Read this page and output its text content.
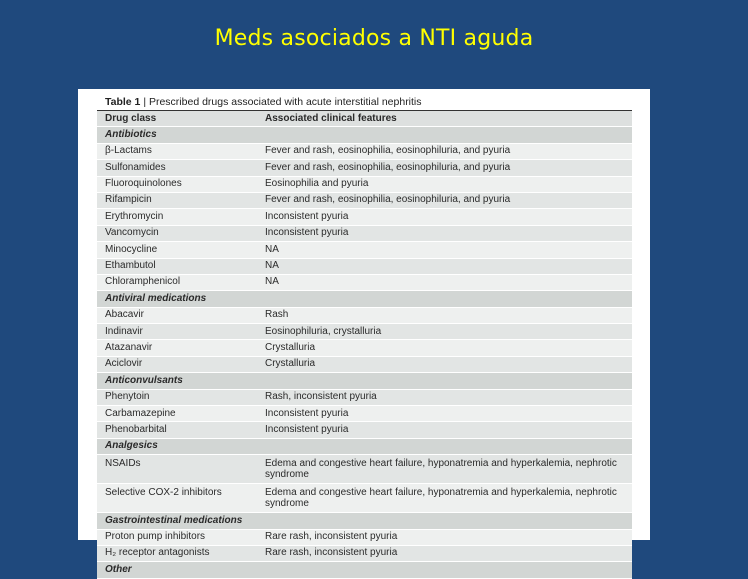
Meds asociados a NTI aguda
Table 1 | Prescribed drugs associated with acute interstitial nephritis
Drug class	Associated clinical features
Antibiotics
β-Lactams	Fever and rash, eosinophilia, eosinophiluria, and pyuria
Sulfonamides	Fever and rash, eosinophilia, eosinophiluria, and pyuria
Fluoroquinolones	Eosinophilia and pyuria
Rifampicin	Fever and rash, eosinophilia, eosinophiluria, and pyuria
Erythromycin	Inconsistent pyuria
Vancomycin	Inconsistent pyuria
Minocycline	NA
Ethambutol	NA
Chloramphenicol	NA
Antiviral medications
Abacavir	Rash
Indinavir	Eosinophiluria, crystalluria
Atazanavir	Crystalluria
Aciclovir	Crystalluria
Anticonvulsants
Phenytoin	Rash, inconsistent pyuria
Carbamazepine	Inconsistent pyuria
Phenobarbital	Inconsistent pyuria
Analgesics
NSAIDs	Edema and congestive heart failure, hyponatremia and hyperkalemia, nephrotic syndrome
Selective COX-2 inhibitors	Edema and congestive heart failure, hyponatremia and hyperkalemia, nephrotic syndrome
Gastrointestinal medications
Proton pump inhibitors	Rare rash, inconsistent pyuria
H₂ receptor antagonists	Rare rash, inconsistent pyuria
Other
